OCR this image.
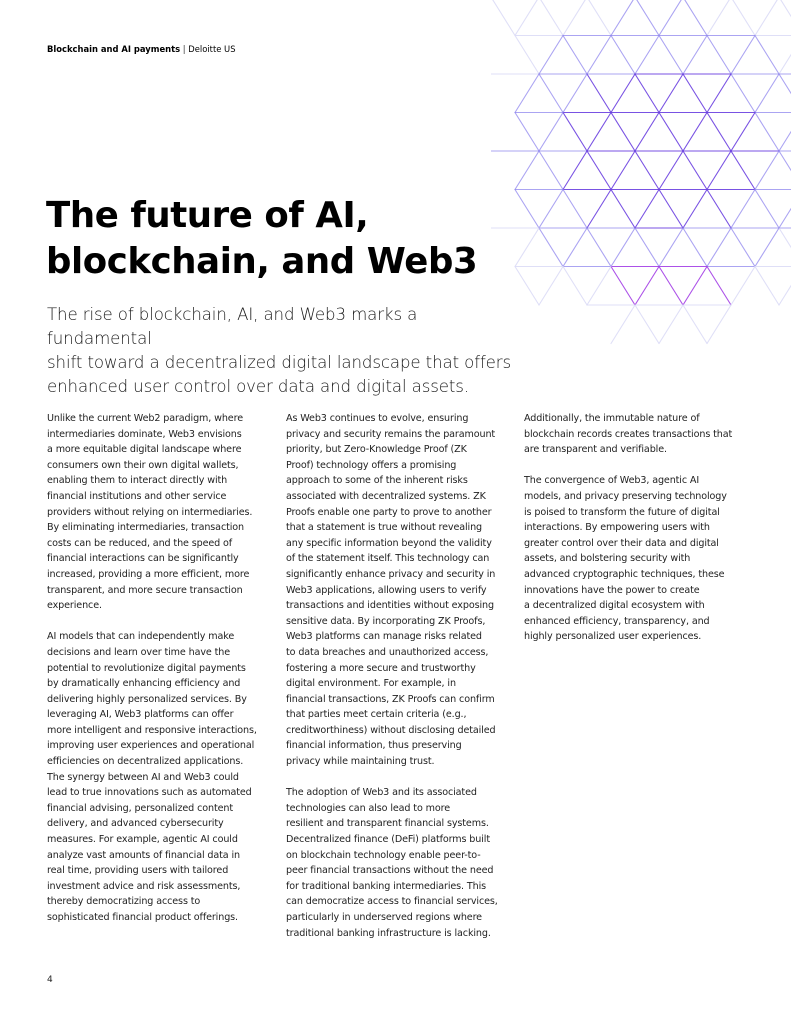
Blockchain and AI payments | Deloitte US
The future of AI,
blockchain, and Web3

The rise of blockchain, AI, and Web3 marks a fundamental
shift toward a decentralized digital landscape that offers
enhanced user control over data and digital assets.

Unlike the current Web2 paradigm, where
intermediaries dominate, Web3 envisions
a more equitable digital landscape where
consumers own their own digital wallets,
enabling them to interact directly with
financial institutions and other service
providers without relying on intermediaries.
By eliminating intermediaries, transaction
costs can be reduced, and the speed of
financial interactions can be significantly
increased, providing a more efficient, more
transparent, and more secure transaction
experience.

AI models that can independently make
decisions and learn over time have the
potential to revolutionize digital payments
by dramatically enhancing efficiency and
delivering highly personalized services. By
leveraging AI, Web3 platforms can offer
more intelligent and responsive interactions,
improving user experiences and operational
efficiencies on decentralized applications.
The synergy between AI and Web3 could
lead to true innovations such as automated
financial advising, personalized content
delivery, and advanced cybersecurity
measures. For example, agentic AI could
analyze vast amounts of financial data in
real time, providing users with tailored
investment advice and risk assessments,
thereby democratizing access to
sophisticated financial product offerings.

As Web3 continues to evolve, ensuring
privacy and security remains the paramount
priority, but Zero-Knowledge Proof (ZK
Proof) technology offers a promising
approach to some of the inherent risks
associated with decentralized systems. ZK
Proofs enable one party to prove to another
that a statement is true without revealing
any specific information beyond the validity
of the statement itself. This technology can
significantly enhance privacy and security in
Web3 applications, allowing users to verify
transactions and identities without exposing
sensitive data. By incorporating ZK Proofs,
Web3 platforms can manage risks related
to data breaches and unauthorized access,
fostering a more secure and trustworthy
digital environment. For example, in
financial transactions, ZK Proofs can confirm
that parties meet certain criteria (e.g.,
creditworthiness) without disclosing detailed
financial information, thus preserving
privacy while maintaining trust.

The adoption of Web3 and its associated
technologies can also lead to more
resilient and transparent financial systems.
Decentralized finance (DeFi) platforms built
on blockchain technology enable peer-to-
peer financial transactions without the need
for traditional banking intermediaries. This
can democratize access to financial services,
particularly in underserved regions where
traditional banking infrastructure is lacking.

Additionally, the immutable nature of
blockchain records creates transactions that
are transparent and verifiable.

The convergence of Web3, agentic AI
models, and privacy preserving technology
is poised to transform the future of digital
interactions. By empowering users with
greater control over their data and digital
assets, and bolstering security with
advanced cryptographic techniques, these
innovations have the power to create
a decentralized digital ecosystem with
enhanced efficiency, transparency, and
highly personalized user experiences.

4
